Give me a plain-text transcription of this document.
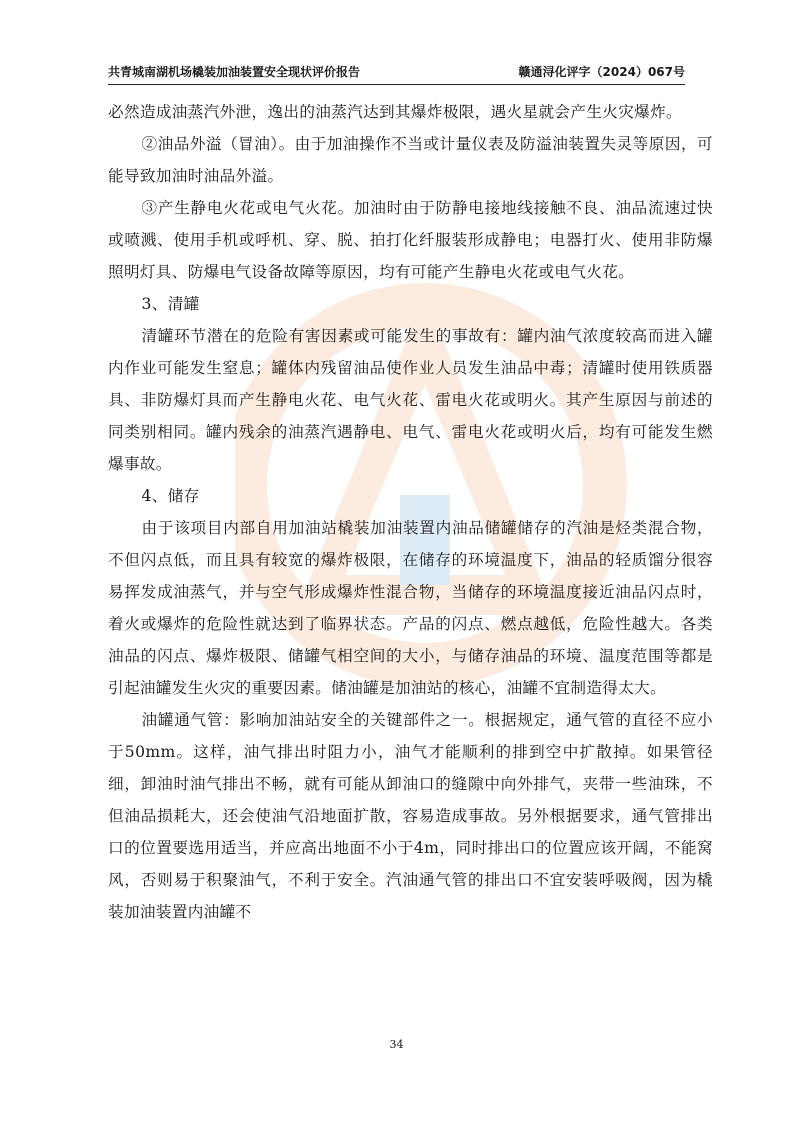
共青城南湖机场橇装加油装置安全现状评价报告	赣通浔化评字（2024）067号

必然造成油蒸汽外泄，逸出的油蒸汽达到其爆炸极限，遇火星就会产生火灾爆炸。

②油品外溢（冒油）。由于加油操作不当或计量仪表及防溢油装置失灵等原因，可能导致加油时油品外溢。

③产生静电火花或电气火花。加油时由于防静电接地线接触不良、油品流速过快或喷溅、使用手机或呼机、穿、脱、拍打化纤服装形成静电；电器打火、使用非防爆照明灯具、防爆电气设备故障等原因，均有可能产生静电火花或电气火花。

3、清罐

清罐环节潜在的危险有害因素或可能发生的事故有：罐内油气浓度较高而进入罐内作业可能发生窒息；罐体内残留油品使作业人员发生油品中毒；清罐时使用铁质器具、非防爆灯具而产生静电火花、电气火花、雷电火花或明火。其产生原因与前述的同类别相同。罐内残余的油蒸汽遇静电、电气、雷电火花或明火后，均有可能发生燃爆事故。

4、储存

由于该项目内部自用加油站橇装加油装置内油品储罐储存的汽油是烃类混合物，不但闪点低，而且具有较宽的爆炸极限，在储存的环境温度下，油品的轻质馏分很容易挥发成油蒸气，并与空气形成爆炸性混合物，当储存的环境温度接近油品闪点时，着火或爆炸的危险性就达到了临界状态。产品的闪点、燃点越低，危险性越大。各类油品的闪点、爆炸极限、储罐气相空间的大小，与储存油品的环境、温度范围等都是引起油罐发生火灾的重要因素。储油罐是加油站的核心，油罐不宜制造得太大。

油罐通气管：影响加油站安全的关键部件之一。根据规定，通气管的直径不应小于50mm。这样，油气排出时阻力小，油气才能顺利的排到空中扩散掉。如果管径细，卸油时油气排出不畅，就有可能从卸油口的缝隙中向外排气，夹带一些油珠，不但油品损耗大，还会使油气沿地面扩散，容易造成事故。另外根据要求，通气管排出口的位置要选用适当，并应高出地面不小于4m，同时排出口的位置应该开阔，不能窝风，否则易于积聚油气，不利于安全。汽油通气管的排出口不宜安装呼吸阀，因为橇装加油装置内油罐不

34
